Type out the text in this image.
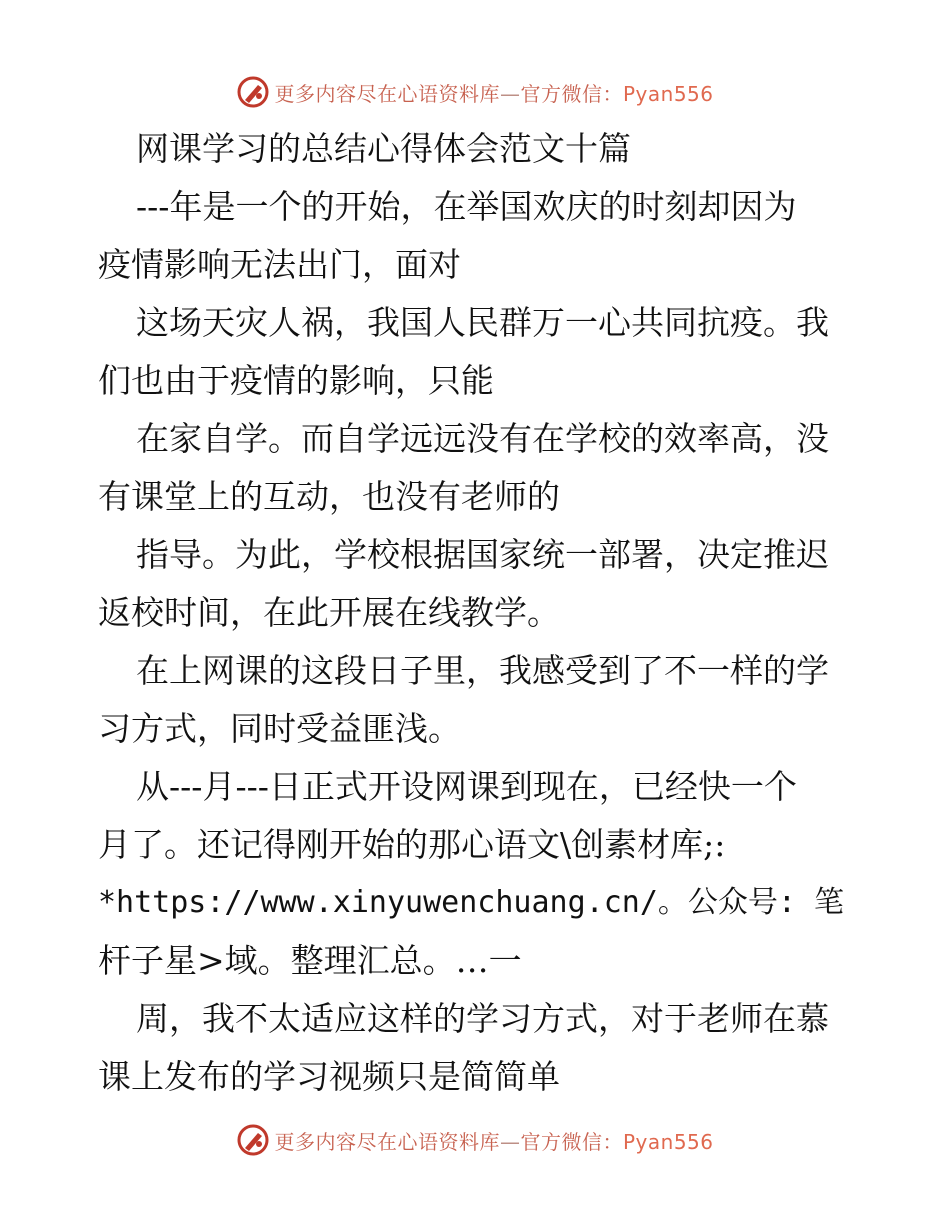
更多内容尽在心语资料库—官方微信：Pyan556
网课学习的总结心得体会范文十篇
---年是一个的开始，在举国欢庆的时刻却因为
疫情影响无法出门，面对
这场天灾人祸，我国人民群万一心共同抗疫。我
们也由于疫情的影响，只能
在家自学。而自学远远没有在学校的效率高，没
有课堂上的互动，也没有老师的
指导。为此，学校根据国家统一部署，决定推迟
返校时间，在此开展在线教学。
在上网课的这段日子里，我感受到了不一样的学
习方式，同时受益匪浅。
从---月---日正式开设网课到现在，已经快一个
月了。还记得刚开始的那心语文\创素材库;:
*https://www.xinyuwenchuang.cn/。公众号: 笔
杆子星>域。整理汇总。…一
周，我不太适应这样的学习方式，对于老师在慕
课上发布的学习视频只是简简单
更多内容尽在心语资料库—官方微信：Pyan556
